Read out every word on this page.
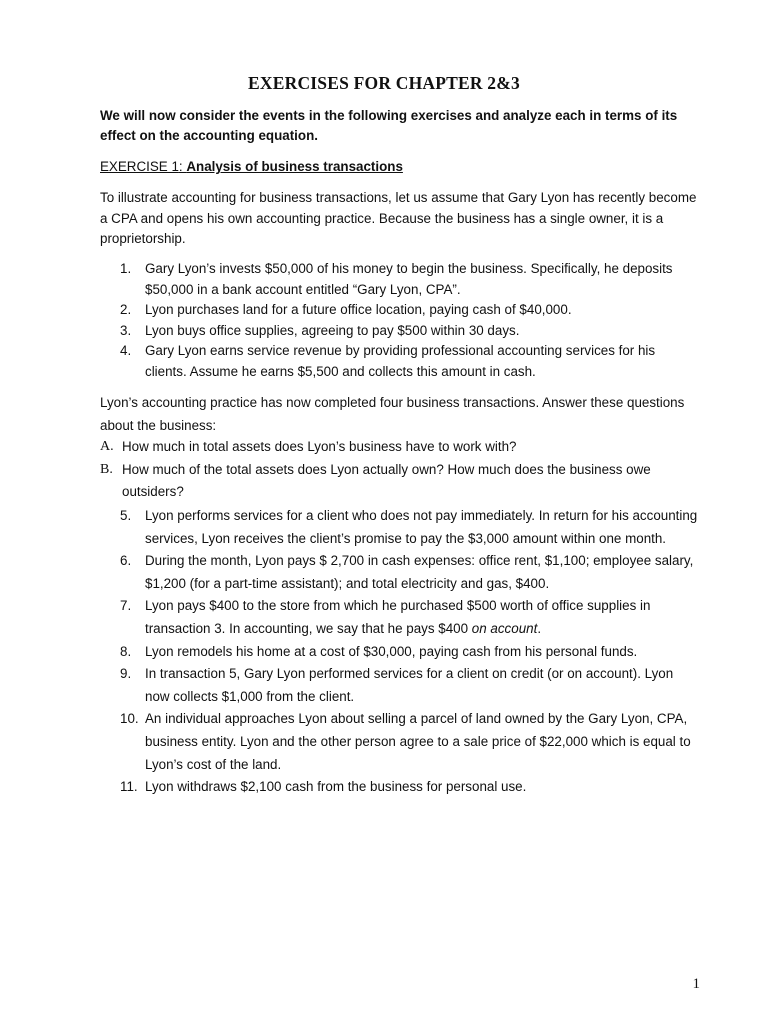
EXERCISES FOR CHAPTER 2&3
We will now consider the events in the following exercises and analyze each in terms of its effect on the accounting equation.
EXERCISE 1: Analysis of business transactions
To illustrate accounting for business transactions, let us assume that Gary Lyon has recently become a CPA and opens his own accounting practice. Because the business has a single owner, it is a proprietorship.
1. Gary Lyon’s invests $50,000 of his money to begin the business. Specifically, he deposits $50,000 in a bank account entitled “Gary Lyon, CPA”.
2. Lyon purchases land for a future office location, paying cash of $40,000.
3. Lyon buys office supplies, agreeing to pay $500 within 30 days.
4. Gary Lyon earns service revenue by providing professional accounting services for his clients. Assume he earns $5,500 and collects this amount in cash.
Lyon’s accounting practice has now completed four business transactions. Answer these questions about the business:
A. How much in total assets does Lyon’s business have to work with?
B. How much of the total assets does Lyon actually own? How much does the business owe outsiders?
5. Lyon performs services for a client who does not pay immediately. In return for his accounting services, Lyon receives the client’s promise to pay the $3,000 amount within one month.
6. During the month, Lyon pays $ 2,700 in cash expenses: office rent, $1,100; employee salary, $1,200 (for a part-time assistant); and total electricity and gas, $400.
7. Lyon pays $400 to the store from which he purchased $500 worth of office supplies in transaction 3. In accounting, we say that he pays $400 on account.
8. Lyon remodels his home at a cost of $30,000, paying cash from his personal funds.
9. In transaction 5, Gary Lyon performed services for a client on credit (or on account). Lyon now collects $1,000 from the client.
10. An individual approaches Lyon about selling a parcel of land owned by the Gary Lyon, CPA, business entity. Lyon and the other person agree to a sale price of $22,000 which is equal to Lyon’s cost of the land.
11. Lyon withdraws $2,100 cash from the business for personal use.
1
